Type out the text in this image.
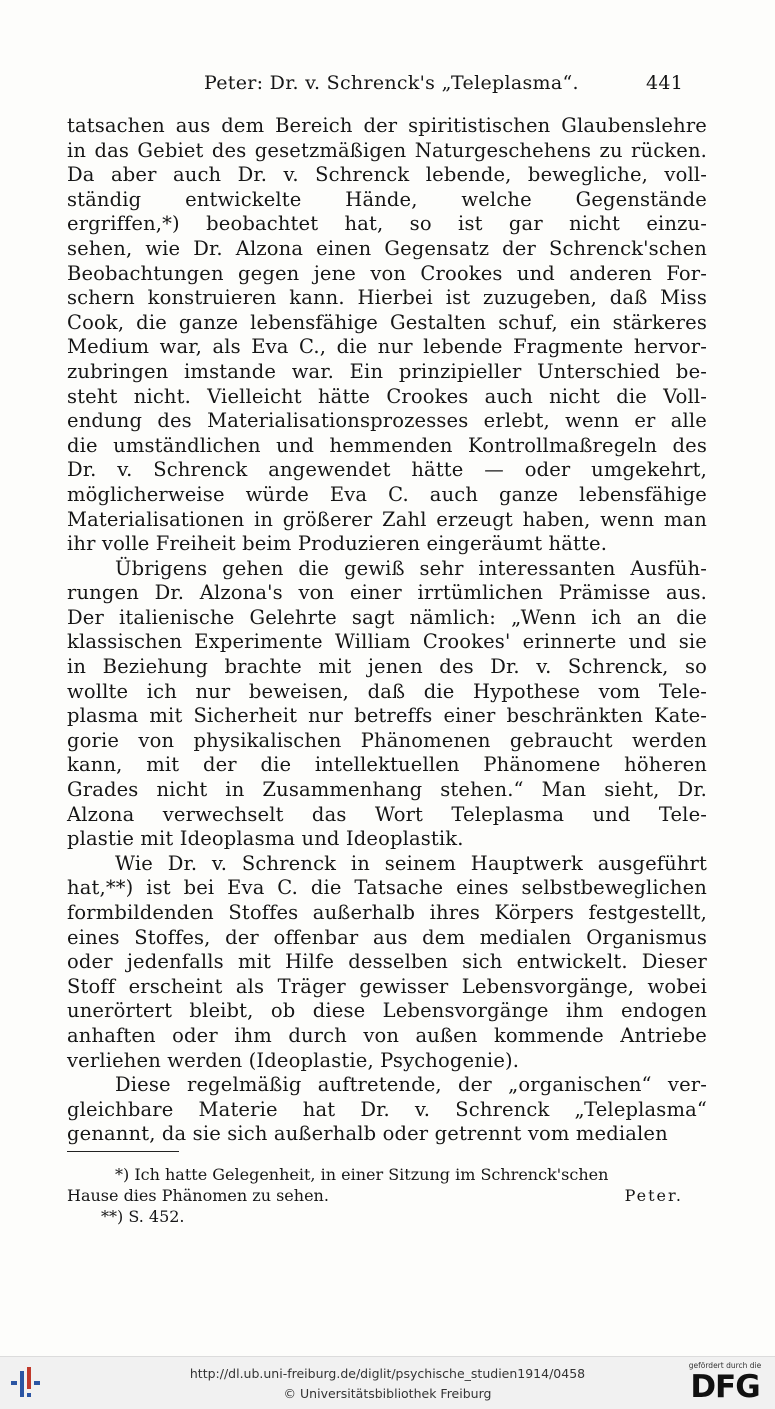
Peter: Dr. v. Schrenck's „Teleplasma“.	441
tatsachen aus dem Bereich der spiritistischen Glaubenslehre
in das Gebiet des gesetzmäßigen Naturgeschehens zu rücken.
Da aber auch Dr. v. Schrenck lebende, bewegliche, voll-
ständig entwickelte Hände, welche Gegenstände
ergriffen,*) beobachtet hat, so ist gar nicht einzu-
sehen, wie Dr. Alzona einen Gegensatz der Schrenck'schen
Beobachtungen gegen jene von Crookes und anderen For-
schern konstruieren kann. Hierbei ist zuzugeben, daß Miss
Cook, die ganze lebensfähige Gestalten schuf, ein stärkeres
Medium war, als Eva C., die nur lebende Fragmente hervor-
zubringen imstande war. Ein prinzipieller Unterschied be-
steht nicht. Vielleicht hätte Crookes auch nicht die Voll-
endung des Materialisationsprozesses erlebt, wenn er alle
die umständlichen und hemmenden Kontrollmaßregeln des
Dr. v. Schrenck angewendet hätte — oder umgekehrt,
möglicherweise würde Eva C. auch ganze lebensfähige
Materialisationen in größerer Zahl erzeugt haben, wenn man
ihr volle Freiheit beim Produzieren eingeräumt hätte.
Übrigens gehen die gewiß sehr interessanten Ausfüh-
rungen Dr. Alzona's von einer irrtümlichen Prämisse aus.
Der italienische Gelehrte sagt nämlich: „Wenn ich an die
klassischen Experimente William Crookes' erinnerte und sie
in Beziehung brachte mit jenen des Dr. v. Schrenck, so
wollte ich nur beweisen, daß die Hypothese vom Tele-
plasma mit Sicherheit nur betreffs einer beschränkten Kate-
gorie von physikalischen Phänomenen gebraucht werden
kann, mit der die intellektuellen Phänomene höheren
Grades nicht in Zusammenhang stehen.“ Man sieht, Dr.
Alzona verwechselt das Wort Teleplasma und Tele-
plastie mit Ideoplasma und Ideoplastik.
Wie Dr. v. Schrenck in seinem Hauptwerk ausgeführt
hat,**) ist bei Eva C. die Tatsache eines selbstbeweglichen
formbildenden Stoffes außerhalb ihres Körpers festgestellt,
eines Stoffes, der offenbar aus dem medialen Organismus
oder jedenfalls mit Hilfe desselben sich entwickelt. Dieser
Stoff erscheint als Träger gewisser Lebensvorgänge, wobei
unerörtert bleibt, ob diese Lebensvorgänge ihm endogen
anhaften oder ihm durch von außen kommende Antriebe
verliehen werden (Ideoplastie, Psychogenie).
Diese regelmäßig auftretende, der „organischen“ ver-
gleichbare Materie hat Dr. v. Schrenck „Teleplasma“
genannt, da sie sich außerhalb oder getrennt vom medialen
*) Ich hatte Gelegenheit, in einer Sitzung im Schrenck'schen
Hause dies Phänomen zu sehen.	Peter.
**) S. 452.
http://dl.ub.uni-freiburg.de/diglit/psychische_studien1914/0458
© Universitätsbibliothek Freiburg
gefördert durch die
DFG
